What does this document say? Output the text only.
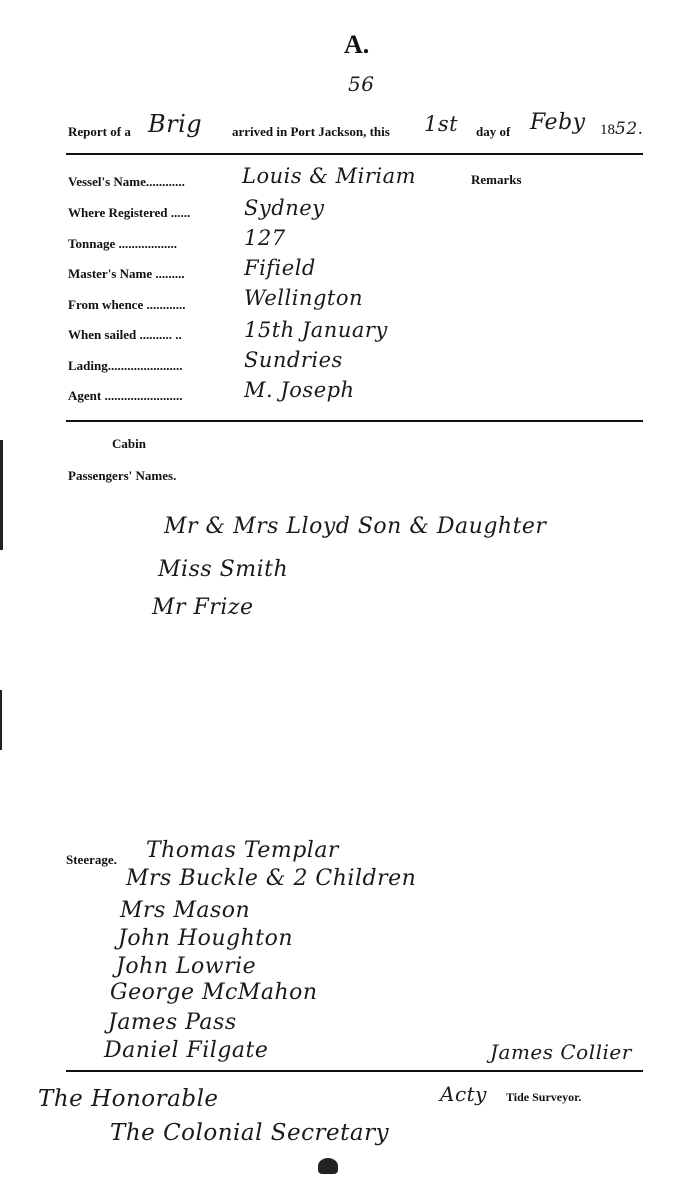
A.
56
Report of a Brig arrived in Port Jackson, this 1st day of Feby 1852.
Vessel's Name............	Louis & Miriam	Remarks
Where Registered ......	Sydney
Tonnage ..................	127
Master's Name .........	Fifield
From whence ............	Wellington
When sailed .......... ..	15th January
Lading.......................	Sundries
Agent ........................	M. Joseph
Cabin
Passengers' Names.
Mr & Mrs Lloyd Son & Daughter
Miss Smith
Mr Frize
Steerage. Thomas Templar
Mrs Buckle & 2 Children
Mrs Mason
John Houghton
John Lowrie
George McMahon
James Pass
Daniel Filgate	James Collier
Acty Tide Surveyor.
The Honorable
The Colonial Secretary
